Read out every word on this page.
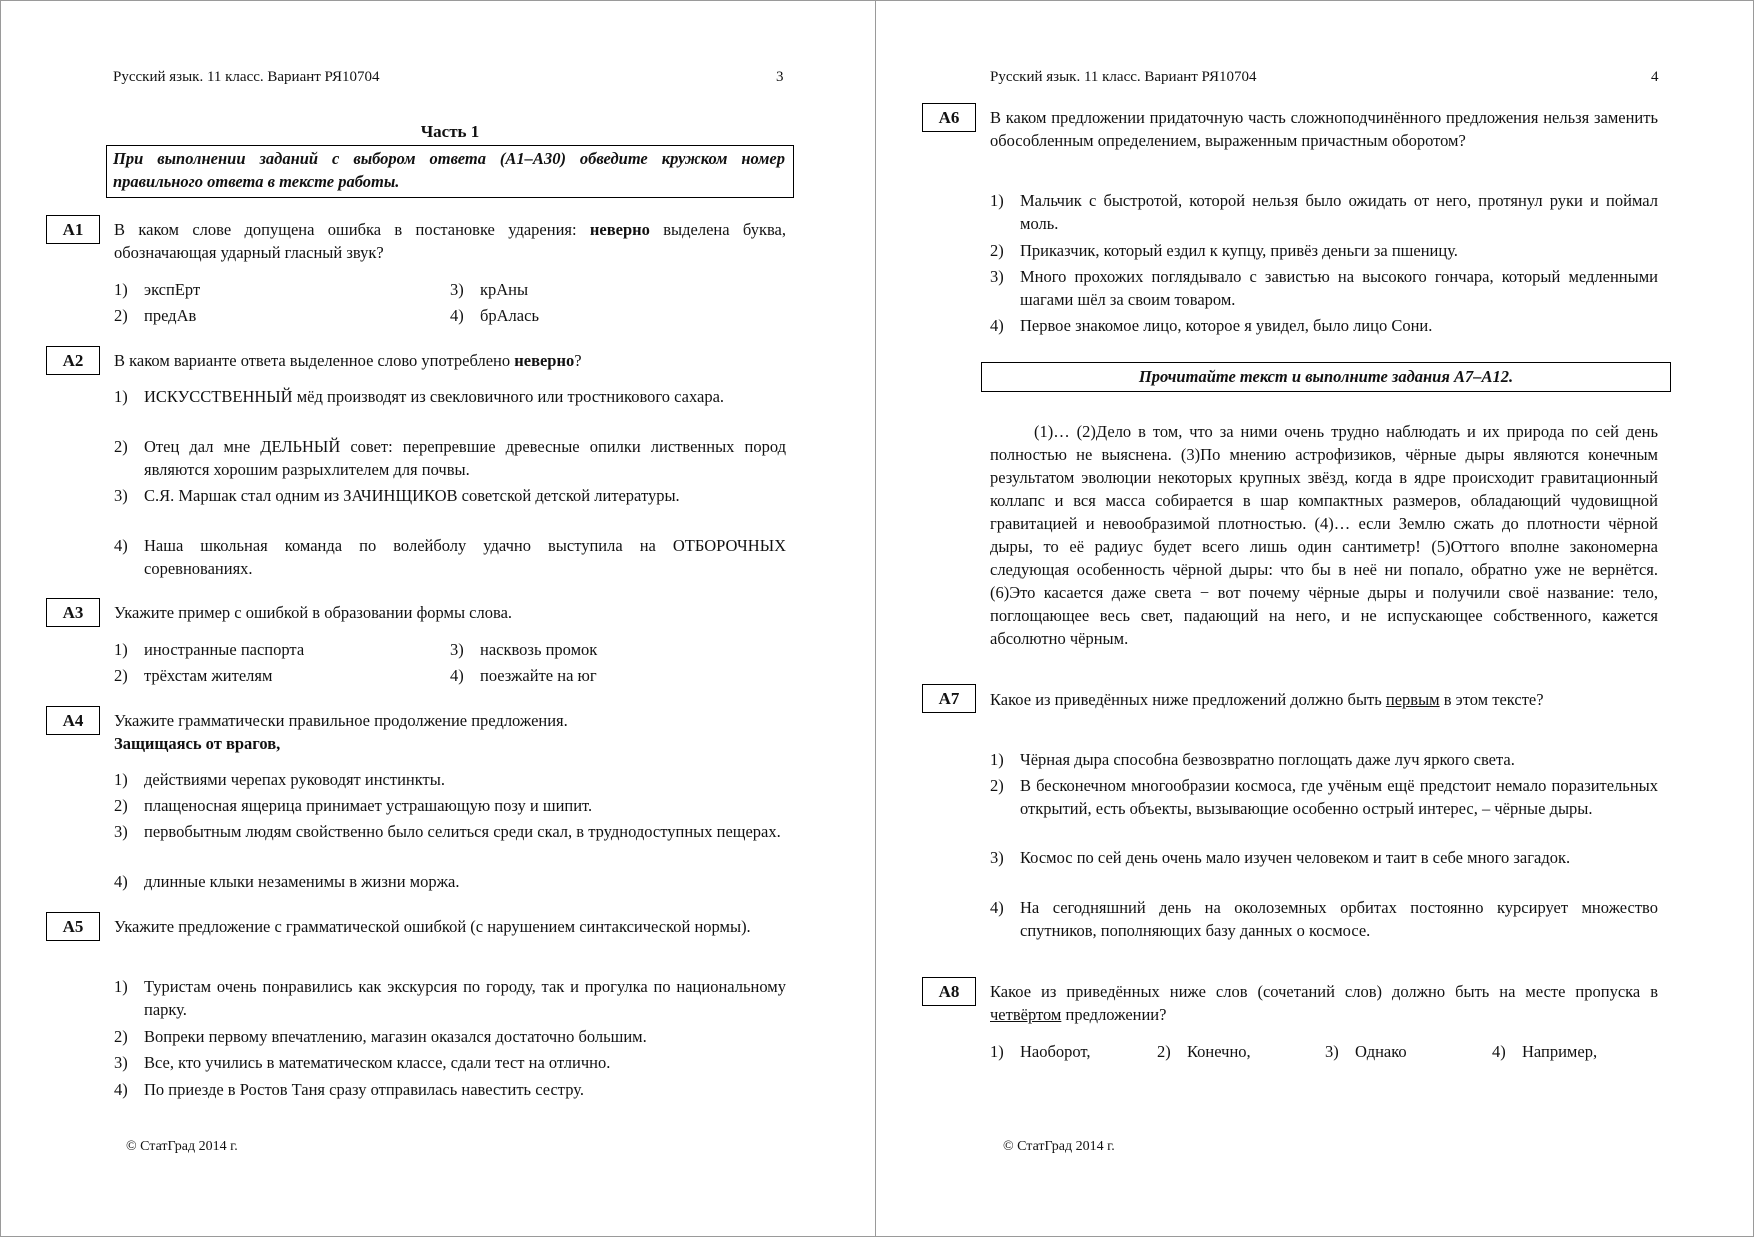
Русский язык. 11 класс. Вариант РЯ10704	3
Часть 1
При выполнении заданий с выбором ответа (А1–А30) обведите кружком номер правильного ответа в тексте работы.
А1	В каком слове допущена ошибка в постановке ударения: неверно выделена буква, обозначающая ударный гласный звук?
1) экспЕрт
2) предАв
3) крАны
4) брАлась
А2	В каком варианте ответа выделенное слово употреблено неверно?
1) ИСКУССТВЕННЫЙ мёд производят из свекловичного или тростникового сахара.
2) Отец дал мне ДЕЛЬНЫЙ совет: перепревшие древесные опилки лиственных пород являются хорошим разрыхлителем для почвы.
3) С.Я. Маршак стал одним из ЗАЧИНЩИКОВ советской детской литературы.
4) Наша школьная команда по волейболу удачно выступила на ОТБОРОЧНЫХ соревнованиях.
А3	Укажите пример с ошибкой в образовании формы слова.
1) иностранные паспорта
2) трёхстам жителям
3) насквозь промок
4) поезжайте на юг
А4	Укажите грамматически правильное продолжение предложения.
Защищаясь от врагов,
1) действиями черепах руководят инстинкты.
2) плащеносная ящерица принимает устрашающую позу и шипит.
3) первобытным людям свойственно было селиться среди скал, в труднодоступных пещерах.
4) длинные клыки незаменимы в жизни моржа.
А5	Укажите предложение с грамматической ошибкой (с нарушением синтаксической нормы).
1) Туристам очень понравились как экскурсия по городу, так и прогулка по национальному парку.
2) Вопреки первому впечатлению, магазин оказался достаточно большим.
3) Все, кто учились в математическом классе, сдали тест на отлично.
4) По приезде в Ростов Таня сразу отправилась навестить сестру.
© СтатГрад 2014 г.
Русский язык. 11 класс. Вариант РЯ10704	4
А6	В каком предложении придаточную часть сложноподчинённого предложения нельзя заменить обособленным определением, выраженным причастным оборотом?
1) Мальчик с быстротой, которой нельзя было ожидать от него, протянул руки и поймал моль.
2) Приказчик, который ездил к купцу, привёз деньги за пшеницу.
3) Много прохожих поглядывало с завистью на высокого гончара, который медленными шагами шёл за своим товаром.
4) Первое знакомое лицо, которое я увидел, было лицо Сони.
Прочитайте текст и выполните задания А7–А12.
(1)… (2)Дело в том, что за ними очень трудно наблюдать и их природа по сей день полностью не выяснена. (3)По мнению астрофизиков, чёрные дыры являются конечным результатом эволюции некоторых крупных звёзд, когда в ядре происходит гравитационный коллапс и вся масса собирается в шар компактных размеров, обладающий чудовищной гравитацией и невообразимой плотностью. (4)… если Землю сжать до плотности чёрной дыры, то её радиус будет всего лишь один сантиметр! (5)Оттого вполне закономерна следующая особенность чёрной дыры: что бы в неё ни попало, обратно уже не вернётся. (6)Это касается даже света − вот почему чёрные дыры и получили своё название: тело, поглощающее весь свет, падающий на него, и не испускающее собственного, кажется абсолютно чёрным.
А7	Какое из приведённых ниже предложений должно быть первым в этом тексте?
1) Чёрная дыра способна безвозвратно поглощать даже луч яркого света.
2) В бесконечном многообразии космоса, где учёным ещё предстоит немало поразительных открытий, есть объекты, вызывающие особенно острый интерес, – чёрные дыры.
3) Космос по сей день очень мало изучен человеком и таит в себе много загадок.
4) На сегодняшний день на околоземных орбитах постоянно курсирует множество спутников, пополняющих базу данных о космосе.
А8	Какое из приведённых ниже слов (сочетаний слов) должно быть на месте пропуска в четвёртом предложении?
1) Наоборот,	2) Конечно,	3) Однако	4) Например,
© СтатГрад 2014 г.
